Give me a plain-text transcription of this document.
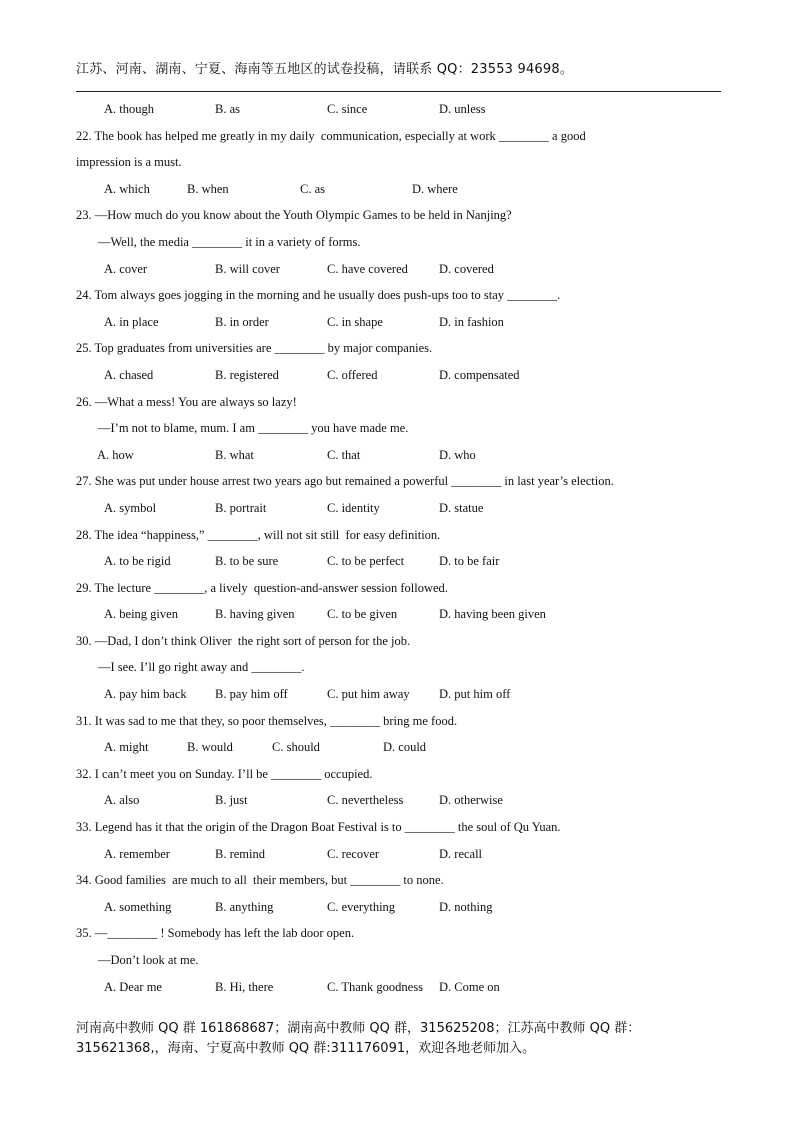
江苏、河南、湖南、宁夏、海南等五地区的试卷投稿，请联系 QQ：23553 94698。
A. though	B. as	C. since	D. unless
22. The book has helped me greatly in my daily  communication, especially at work ________ a good
impression is a must.
A. which	B. when	C. as	D. where
23. —How much do you know about the Youth Olympic Games to be held in Nanjing?
—Well, the media ________ it in a variety of forms.
A. cover	B. will cover	C. have covered D. covered
24. Tom always goes jogging in the morning and he usually does push-ups too to stay ________.
A. in place	B. in order	C. in shape	D. in fashion
25. Top graduates from universities are ________ by major companies.
A. chased	B. registered	C. offered	D. compensated
26. —What a mess! You are always so lazy!
—I’m not to blame, mum. I am ________ you have made me.
A. how	B. what	C. that	D. who
27. She was put under house arrest two years ago but remained a powerful ________ in last year’s election.
A. symbol	B. portrait	C. identity	D. statue
28. The idea “happiness,” ________, will not sit still  for easy definition.
A. to be rigid	B. to be sure	C. to be perfect	D. to be fair
29. The lecture ________, a lively  question-and-answer session followed.
A. being given	B. having given	C. to be given	D. having been given
30. —Dad, I don’t think Oliver  the right sort of person for the job.
—I see. I’ll go right away and ________.
A. pay him back B. pay him off	C. put him away D. put him off
31. It was sad to me that they, so poor themselves, ________ bring me food.
A. might	B. would	C. should	D. could
32. I can’t meet you on Sunday. I’ll be ________ occupied.
A. also	B. just	C. nevertheless	D. otherwise
33. Legend has it that the origin of the Dragon Boat Festival is to ________ the soul of Qu Yuan.
A. remember	B. remind	C. recover	D. recall
34. Good families  are much to all  their members, but ________ to none.
A. something	B. anything	C. everything	D. nothing
35. —________ ! Somebody has left the lab door open.
—Don’t look at me.
A. Dear me	B. Hi, there	C. Thank goodness D. Come on
河南高中教师 QQ 群 161868687；湖南高中教师 QQ 群，315625208；江苏高中教师 QQ 群：315621368,，海南、宁夏高中教师 QQ 群:311176091，欢迎各地老师加入。
